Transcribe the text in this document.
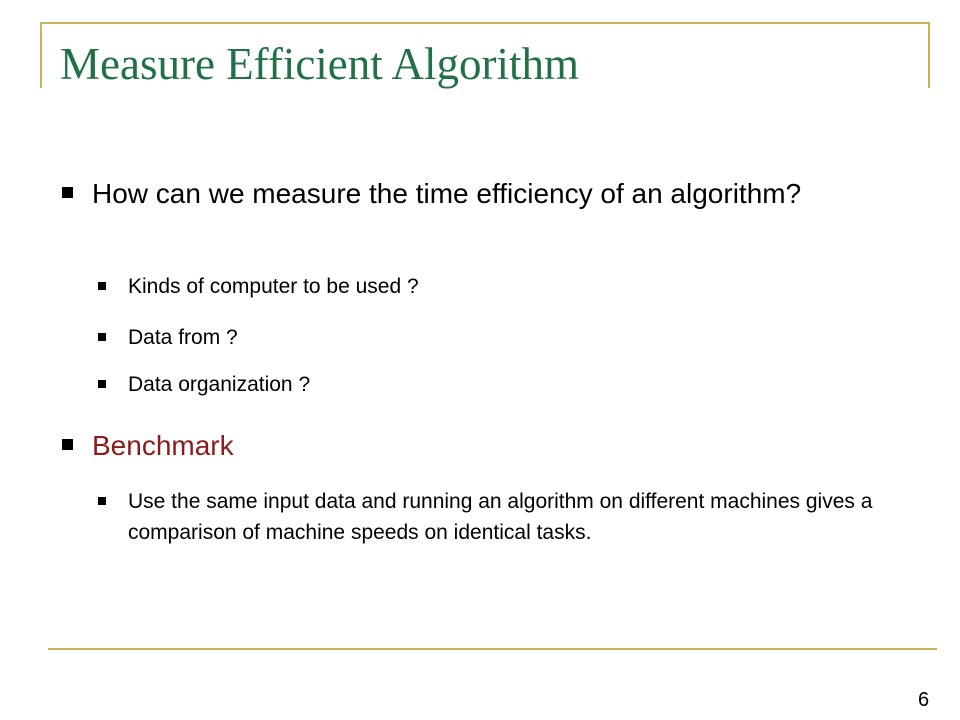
Measure Efficient Algorithm
How can we measure the time efficiency of an algorithm?
Kinds of computer to be used ?
Data from ?
Data organization ?
Benchmark
Use the same input data and running an algorithm on different machines gives a comparison of machine speeds on identical tasks.
6
